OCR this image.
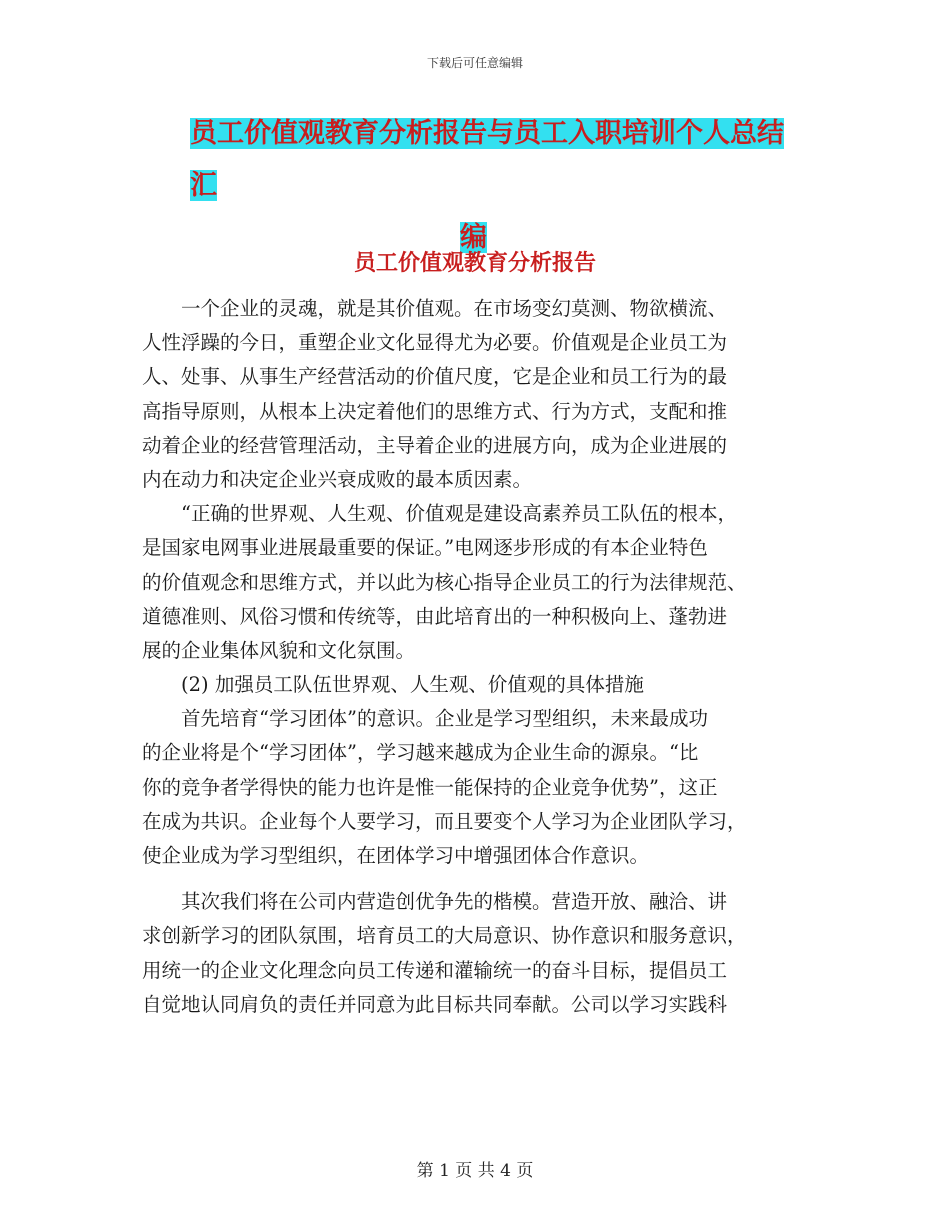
下载后可任意编辑
员工价值观教育分析报告与员工入职培训个人总结汇
编
员工价值观教育分析报告
　　一个企业的灵魂，就是其价值观。在市场变幻莫测、物欲横流、
人性浮躁的今日，重塑企业文化显得尤为必要。价值观是企业员工为
人、处事、从事生产经营活动的价值尺度，它是企业和员工行为的最
高指导原则，从根本上决定着他们的思维方式、行为方式，支配和推
动着企业的经营管理活动，主导着企业的进展方向，成为企业进展的
内在动力和决定企业兴衰成败的最本质因素。
　　“正确的世界观、人生观、价值观是建设高素养员工队伍的根本，
是国家电网事业进展最重要的保证。”电网逐步形成的有本企业特色
的价值观念和思维方式，并以此为核心指导企业员工的行为法律规范、
道德准则、风俗习惯和传统等，由此培育出的一种积极向上、蓬勃进
展的企业集体风貌和文化氛围。
　　(2) 加强员工队伍世界观、人生观、价值观的具体措施
　　首先培育“学习团体”的意识。企业是学习型组织，未来最成功
的企业将是个“学习团体”，学习越来越成为企业生命的源泉。“比
你的竞争者学得快的能力也许是惟一能保持的企业竞争优势”，这正
在成为共识。企业每个人要学习，而且要变个人学习为企业团队学习，
使企业成为学习型组织，在团体学习中增强团体合作意识。
　　其次我们将在公司内营造创优争先的楷模。营造开放、融洽、讲
求创新学习的团队氛围，培育员工的大局意识、协作意识和服务意识，
用统一的企业文化理念向员工传递和灌输统一的奋斗目标，提倡员工
自觉地认同肩负的责任并同意为此目标共同奉献。公司以学习实践科
第 1 页 共 4 页
